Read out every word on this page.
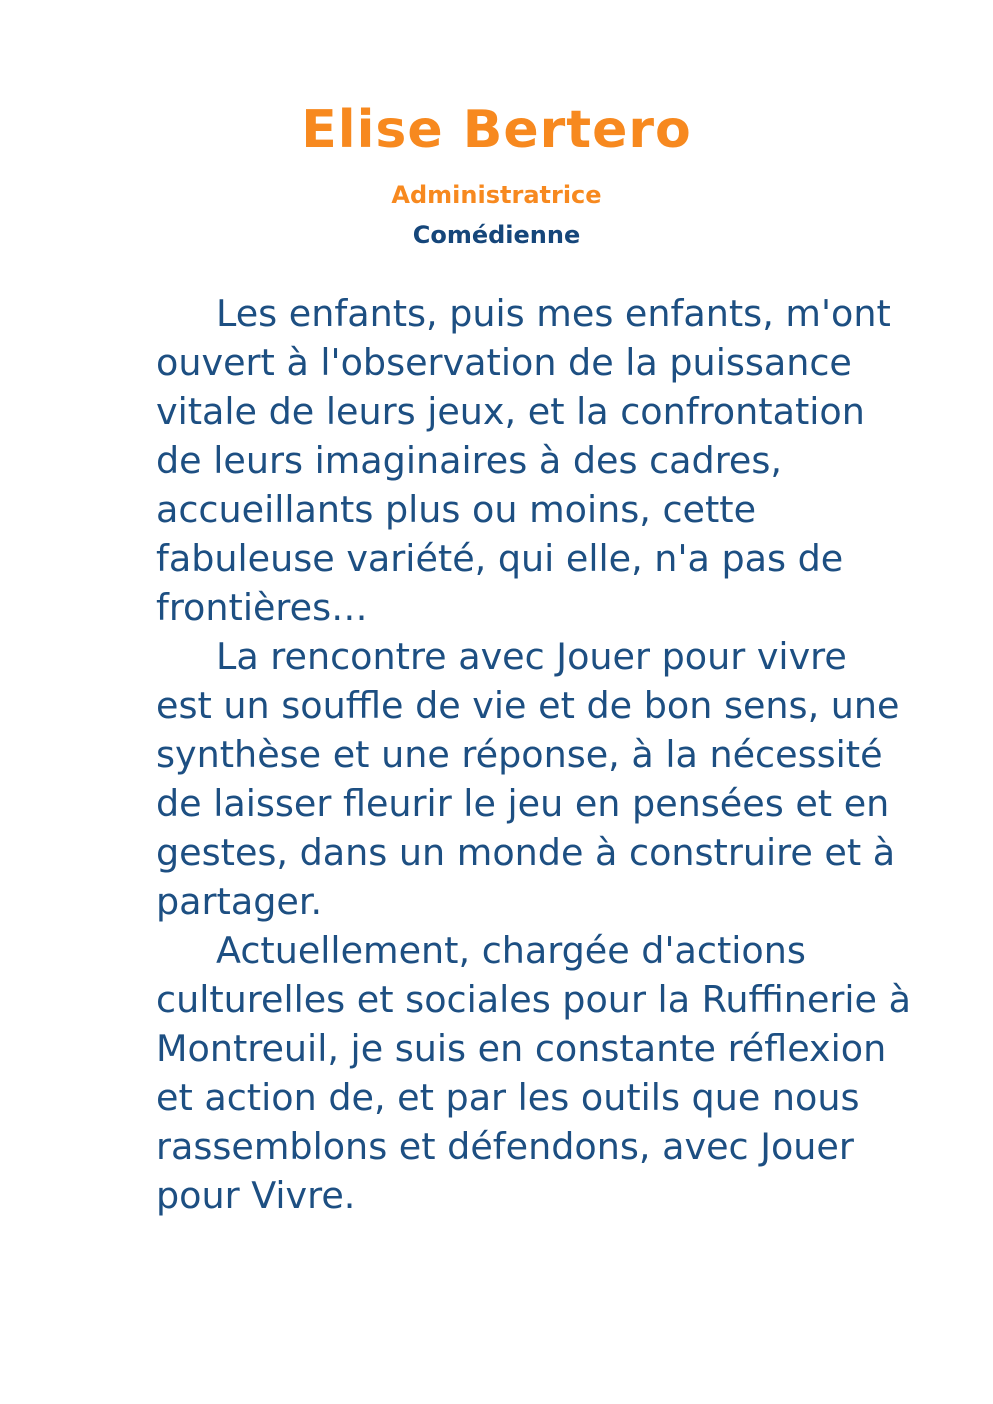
Elise Bertero
Administratrice
Comédienne
Les enfants, puis mes enfants, m'ont
ouvert à l'observation de la puissance
vitale de leurs jeux, et la confrontation
de leurs imaginaires à des cadres,
accueillants plus ou moins, cette
fabuleuse variété, qui elle, n'a pas de
frontières…
La rencontre avec Jouer pour vivre
est un souffle de vie et de bon sens, une
synthèse et une réponse, à la nécessité
de laisser fleurir le jeu en pensées et en
gestes, dans un monde à construire et à
partager.
Actuellement, chargée d'actions
culturelles et sociales pour la Ruffinerie à
Montreuil, je suis en constante réflexion
et action de, et par les outils que nous
rassemblons et défendons, avec Jouer
pour Vivre.
